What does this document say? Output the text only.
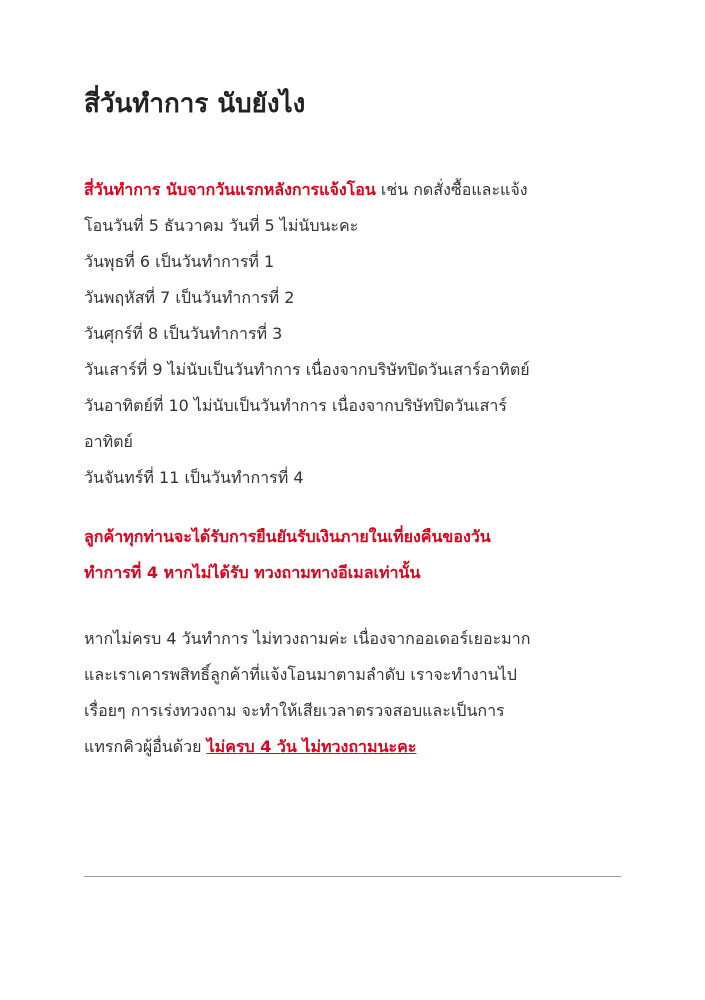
สี่วันทำการ นับยังไง
สี่วันทำการ นับจากวันแรกหลังการแจ้งโอน เช่น กดสั่งซื้อและแจ้ง
โอนวันที่ 5 ธันวาคม วันที่ 5 ไม่นับนะคะ
วันพุธที่ 6 เป็นวันทำการที่ 1
วันพฤหัสที่ 7 เป็นวันทำการที่ 2
วันศุกร์ที่ 8 เป็นวันทำการที่ 3
วันเสาร์ที่ 9 ไม่นับเป็นวันทำการ เนื่องจากบริษัทปิดวันเสาร์อาทิตย์
วันอาทิตย์ที่ 10 ไม่นับเป็นวันทำการ เนื่องจากบริษัทปิดวันเสาร์
อาทิตย์
วันจันทร์ที่ 11 เป็นวันทำการที่ 4
ลูกค้าทุกท่านจะได้รับการยืนยันรับเงินภายในเที่ยงคืนของวัน
ทำการที่ 4 หากไม่ได้รับ ทวงถามทางอีเมลเท่านั้น
หากไม่ครบ 4 วันทำการ ไม่ทวงถามค่ะ เนื่องจากออเดอร์เยอะมาก
และเราเคารพสิทธิ์ลูกค้าที่แจ้งโอนมาตามลำดับ เราจะทำงานไป
เรื่อยๆ การเร่งทวงถาม จะทำให้เสียเวลาตรวจสอบและเป็นการ
แทรกคิวผู้อื่นด้วย ไม่ครบ 4 วัน ไม่ทวงถามนะคะ
